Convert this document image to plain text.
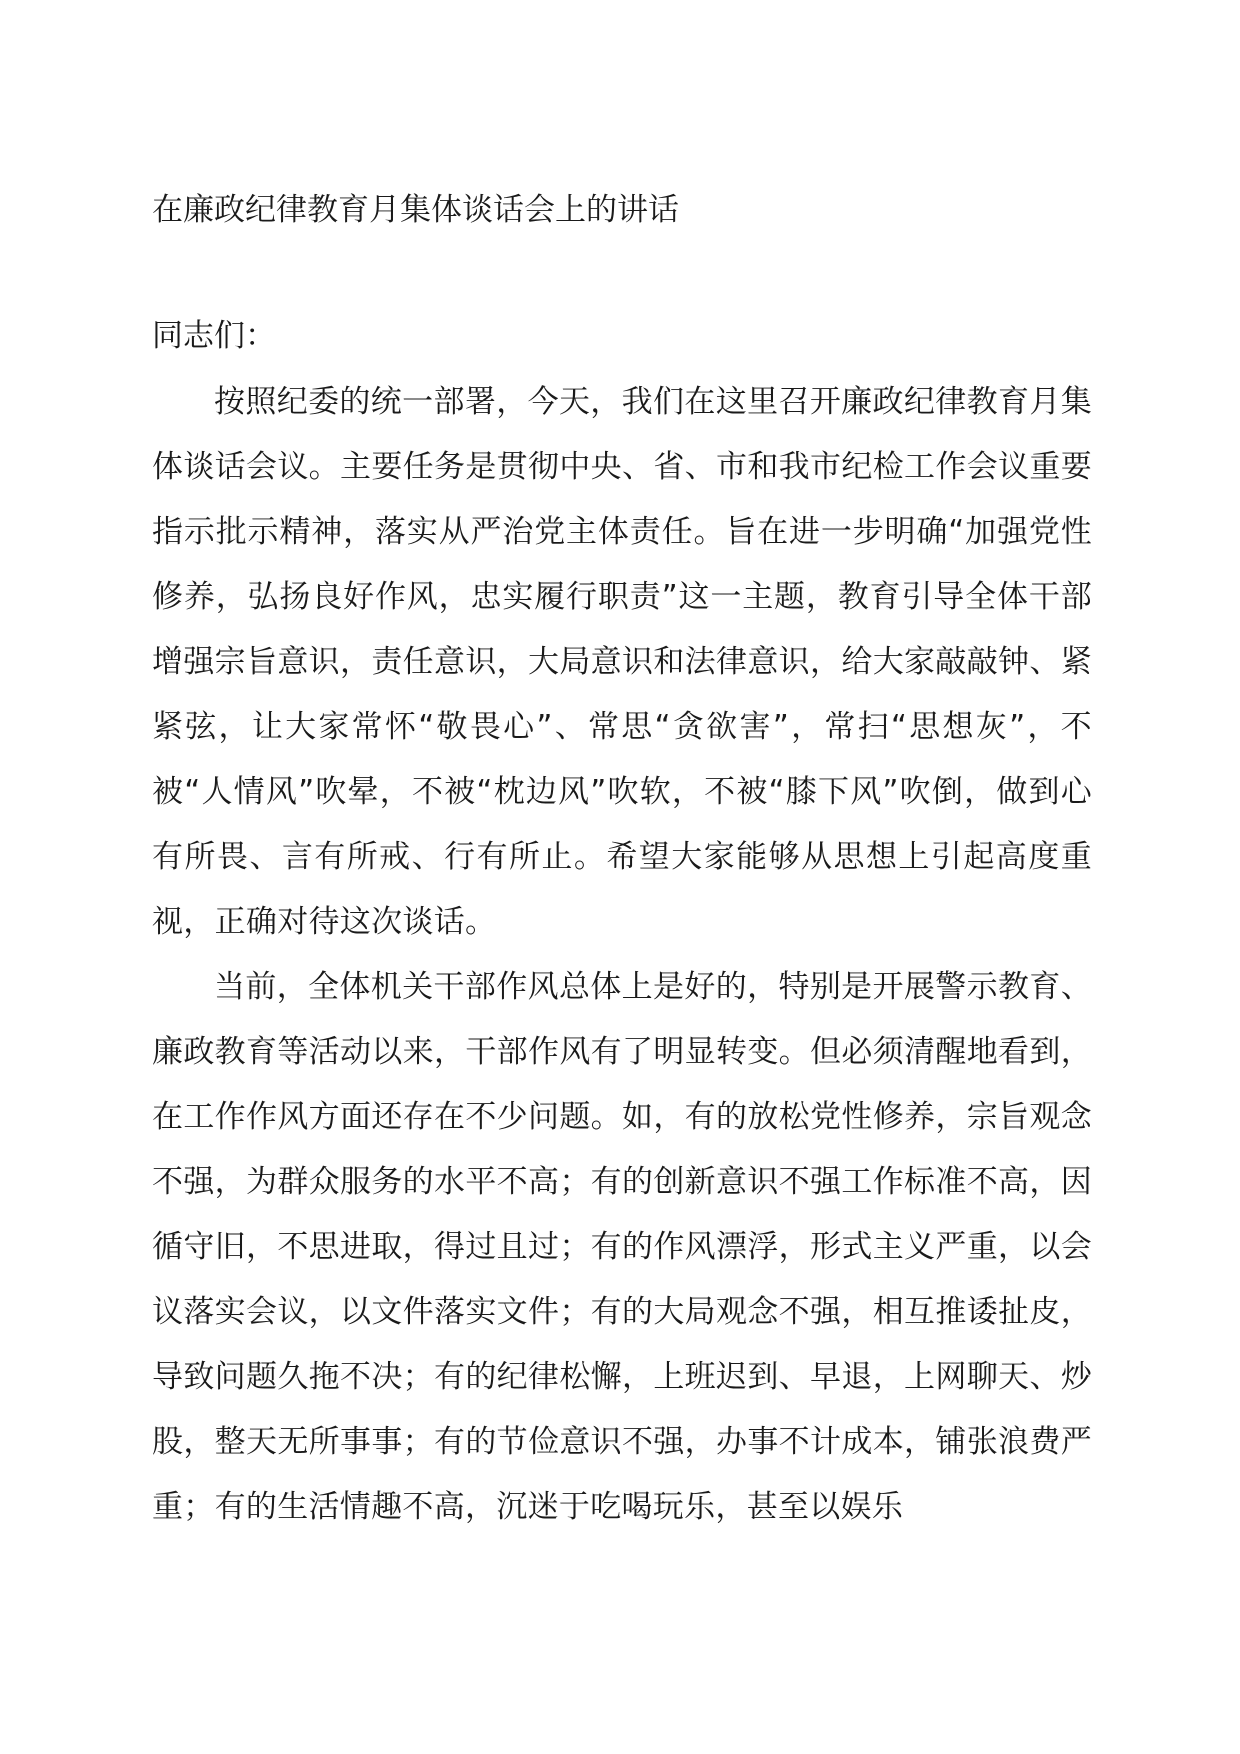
在廉政纪律教育月集体谈话会上的讲话

同志们：

按照纪委的统一部署，今天，我们在这里召开廉政纪律教育月集体谈话会议。主要任务是贯彻中央、省、市和我市纪检工作会议重要指示批示精神，落实从严治党主体责任。旨在进一步明确“加强党性修养，弘扬良好作风，忠实履行职责”这一主题，教育引导全体干部增强宗旨意识，责任意识，大局意识和法律意识，给大家敲敲钟、紧紧弦，让大家常怀“敬畏心”、常思“贪欲害”，常扫“思想灰”，不被“人情风”吹晕，不被“枕边风”吹软，不被“膝下风”吹倒，做到心有所畏、言有所戒、行有所止。希望大家能够从思想上引起高度重视，正确对待这次谈话。

当前，全体机关干部作风总体上是好的，特别是开展警示教育、廉政教育等活动以来，干部作风有了明显转变。但必须清醒地看到，在工作作风方面还存在不少问题。如，有的放松党性修养，宗旨观念不强，为群众服务的水平不高；有的创新意识不强工作标准不高，因循守旧，不思进取，得过且过；有的作风漂浮，形式主义严重，以会议落实会议，以文件落实文件；有的大局观念不强，相互推诿扯皮，导致问题久拖不决；有的纪律松懈，上班迟到、早退，上网聊天、炒股，整天无所事事；有的节俭意识不强，办事不计成本，铺张浪费严重；有的生活情趣不高，沉迷于吃喝玩乐，甚至以娱乐
